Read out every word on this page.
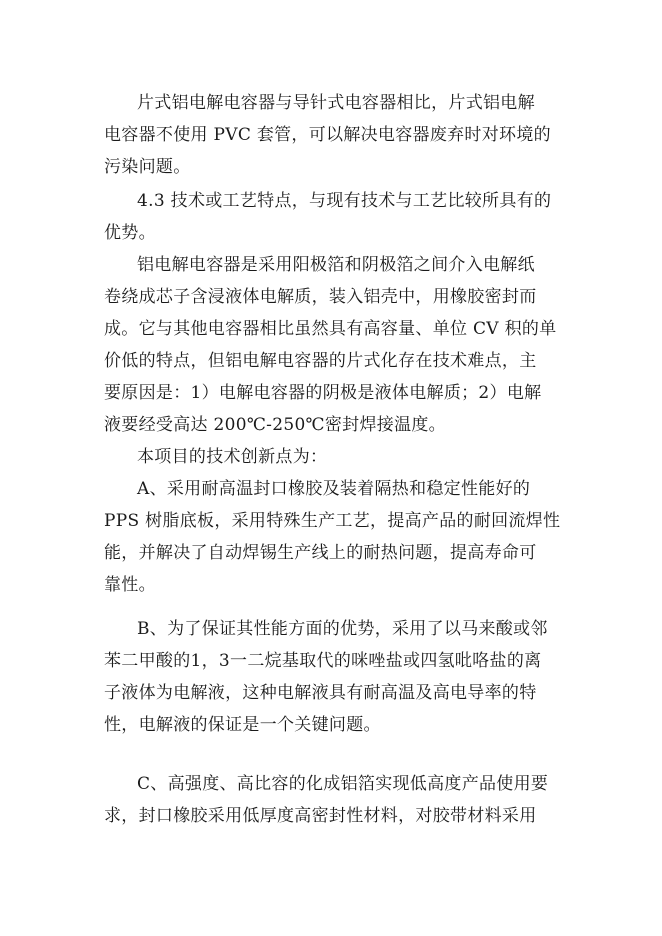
片式铝电解电容器与导针式电容器相比，片式铝电解
电容器不使用 PVC 套管，可以解决电容器废弃时对环境的
污染问题。
4.3 技术或工艺特点，与现有技术与工艺比较所具有的
优势。
铝电解电容器是采用阳极箔和阴极箔之间介入电解纸
卷绕成芯子含浸液体电解质，装入铝壳中，用橡胶密封而
成。它与其他电容器相比虽然具有高容量、单位 CV 积的单
价低的特点，但铝电解电容器的片式化存在技术难点，主
要原因是：1）电解电容器的阴极是液体电解质；2）电解
液要经受高达 200℃-250℃密封焊接温度。
本项目的技术创新点为：
A、采用耐高温封口橡胶及装着隔热和稳定性能好的
PPS 树脂底板，采用特殊生产工艺，提高产品的耐回流焊性
能，并解决了自动焊锡生产线上的耐热问题，提高寿命可
靠性。
B、为了保证其性能方面的优势，采用了以马来酸或邻
苯二甲酸的1，3一二烷基取代的咪唑盐或四氢吡咯盐的离
子液体为电解液，这种电解液具有耐高温及高电导率的特
性，电解液的保证是一个关键问题。
C、高强度、高比容的化成铝箔实现低高度产品使用要
求，封口橡胶采用低厚度高密封性材料，对胶带材料采用
